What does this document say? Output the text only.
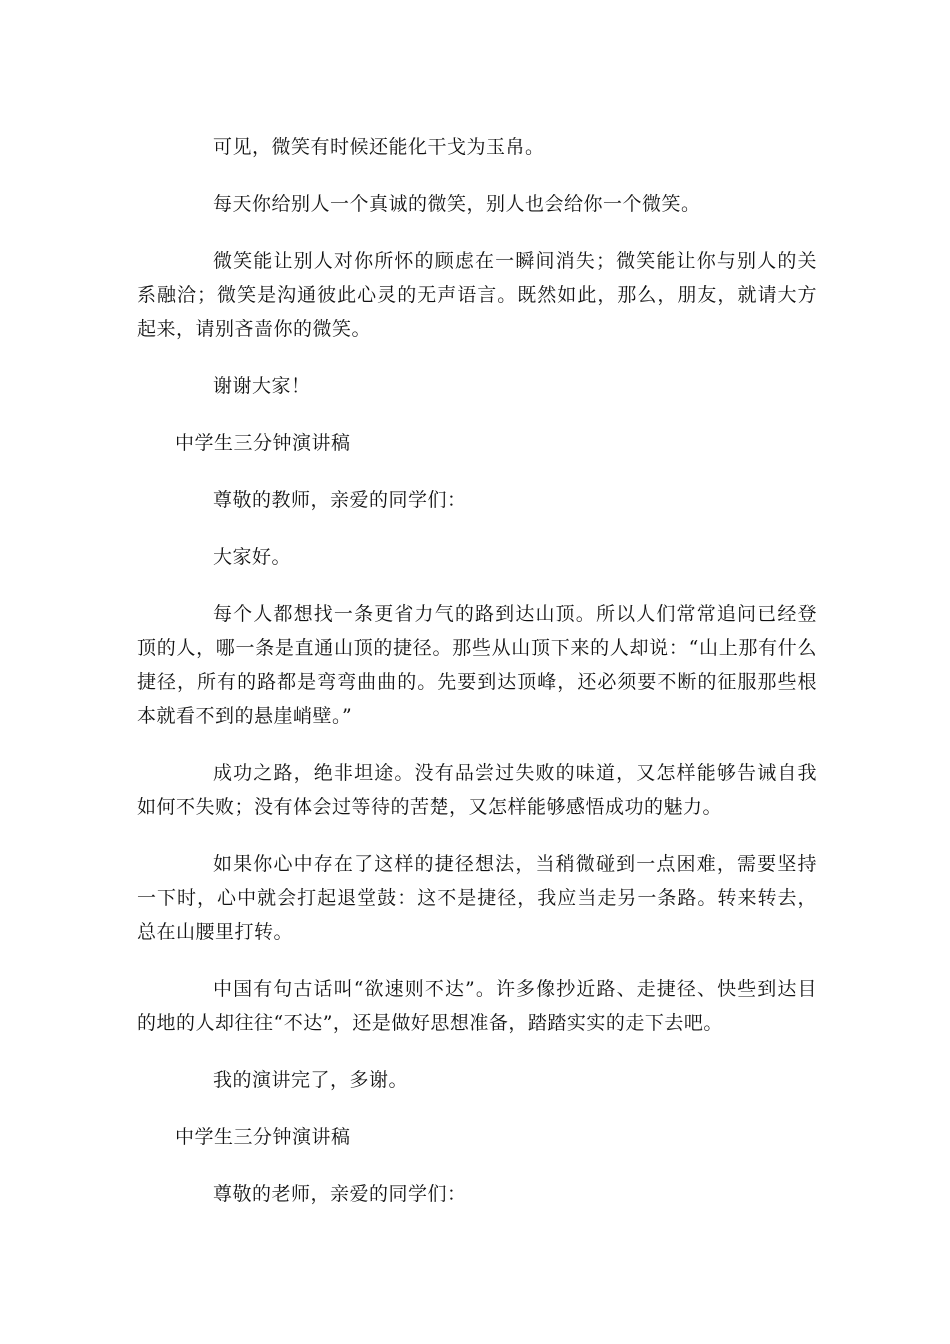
可见，微笑有时候还能化干戈为玉帛。

每天你给别人一个真诚的微笑，别人也会给你一个微笑。

微笑能让别人对你所怀的顾虑在一瞬间消失；微笑能让你与别人的关系融洽；微笑是沟通彼此心灵的无声语言。既然如此，那么，朋友，就请大方起来，请别吝啬你的微笑。

谢谢大家！

中学生三分钟演讲稿

尊敬的教师，亲爱的同学们：

大家好。

每个人都想找一条更省力气的路到达山顶。所以人们常常追问已经登顶的人，哪一条是直通山顶的捷径。那些从山顶下来的人却说：“山上那有什么捷径，所有的路都是弯弯曲曲的。先要到达顶峰，还必须要不断的征服那些根本就看不到的悬崖峭壁。”

成功之路，绝非坦途。没有品尝过失败的味道，又怎样能够告诫自我如何不失败；没有体会过等待的苦楚，又怎样能够感悟成功的魅力。

如果你心中存在了这样的捷径想法，当稍微碰到一点困难，需要坚持一下时，心中就会打起退堂鼓：这不是捷径，我应当走另一条路。转来转去，总在山腰里打转。

中国有句古话叫“欲速则不达”。许多像抄近路、走捷径、快些到达目的地的人却往往“不达”，还是做好思想准备，踏踏实实的走下去吧。

我的演讲完了，多谢。

中学生三分钟演讲稿

尊敬的老师，亲爱的同学们：
